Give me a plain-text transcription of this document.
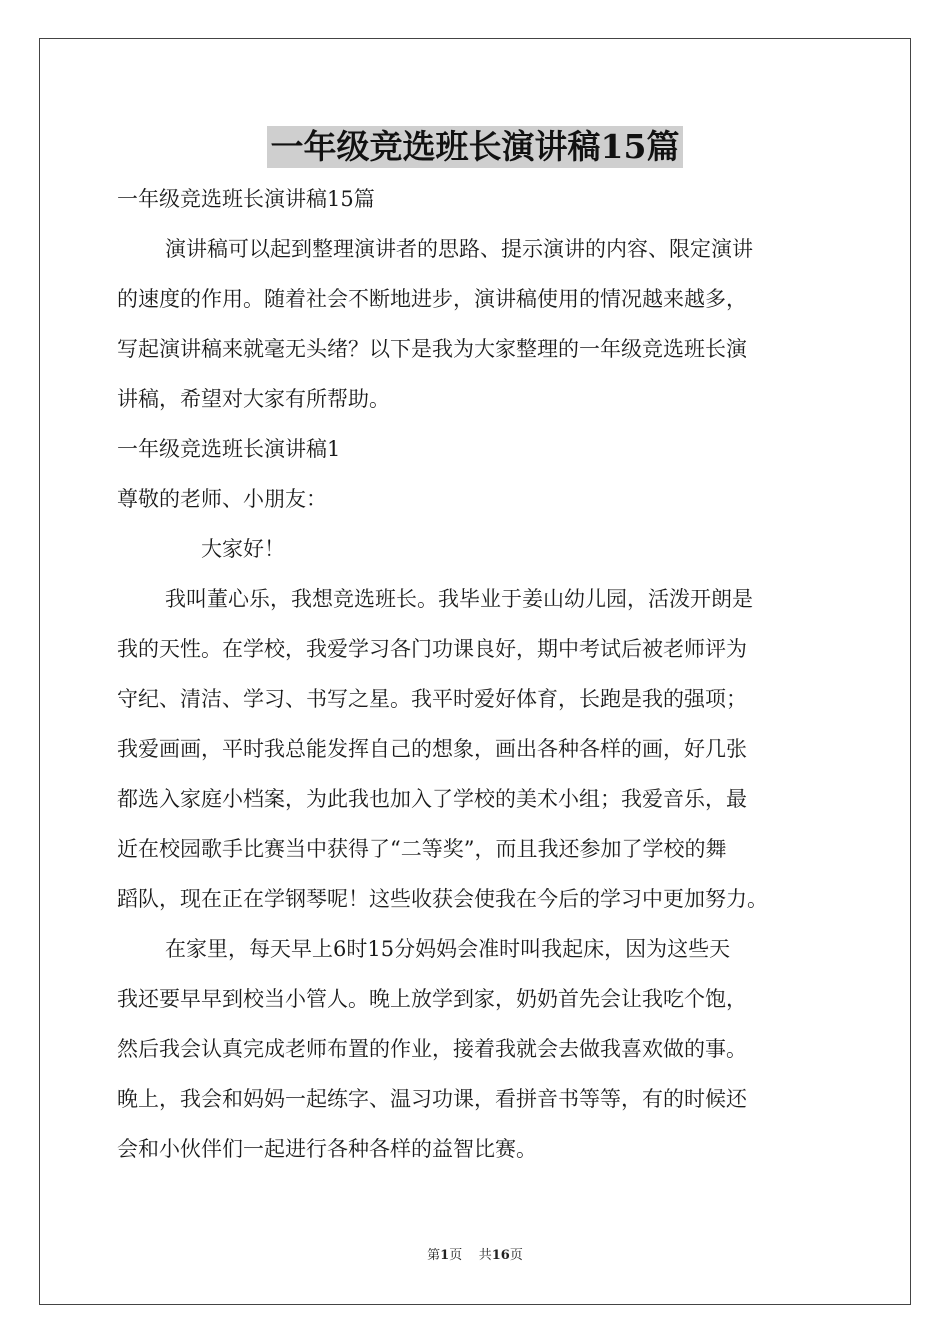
一年级竞选班长演讲稿15篇
一年级竞选班长演讲稿15篇
演讲稿可以起到整理演讲者的思路、提示演讲的内容、限定演讲
的速度的作用。随着社会不断地进步，演讲稿使用的情况越来越多，
写起演讲稿来就毫无头绪？以下是我为大家整理的一年级竞选班长演
讲稿，希望对大家有所帮助。
一年级竞选班长演讲稿1
尊敬的老师、小朋友：
大家好！
我叫董心乐，我想竞选班长。我毕业于姜山幼儿园，活泼开朗是
我的天性。在学校，我爱学习各门功课良好，期中考试后被老师评为
守纪、清洁、学习、书写之星。我平时爱好体育，长跑是我的强项；
我爱画画，平时我总能发挥自己的想象，画出各种各样的画，好几张
都选入家庭小档案，为此我也加入了学校的美术小组；我爱音乐，最
近在校园歌手比赛当中获得了“二等奖”，而且我还参加了学校的舞
蹈队，现在正在学钢琴呢！这些收获会使我在今后的学习中更加努力。
在家里，每天早上6时15分妈妈会准时叫我起床，因为这些天
我还要早早到校当小管人。晚上放学到家，奶奶首先会让我吃个饱，
然后我会认真完成老师布置的作业，接着我就会去做我喜欢做的事。
晚上，我会和妈妈一起练字、温习功课，看拼音书等等，有的时候还
会和小伙伴们一起进行各种各样的益智比赛。
第1页 共16页
